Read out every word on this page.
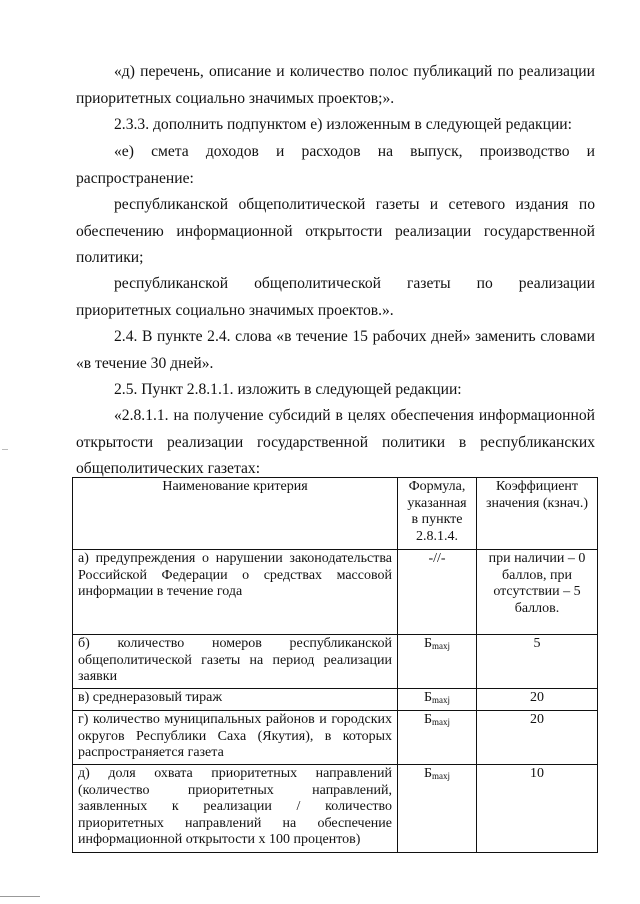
«д) перечень, описание и количество полос публикаций по реализации приоритетных социально значимых проектов;».

2.3.3. дополнить подпунктом е) изложенным в следующей редакции:

«е) смета доходов и расходов на выпуск, производство и распространение:

республиканской общеполитической газеты и сетевого издания по обеспечению информационной открытости реализации государственной политики;

республиканской общеполитической газеты по реализации приоритетных социально значимых проектов.».

2.4. В пункте 2.4. слова «в течение 15 рабочих дней» заменить словами «в течение 30 дней».

2.5. Пункт 2.8.1.1. изложить в следующей редакции:

«2.8.1.1. на получение субсидий в целях обеспечения информационной открытости реализации государственной политики в республиканских общеполитических газетах:

Наименование критерия	Формула, указанная в пункте 2.8.1.4.	Коэффициент значения (кзнач.)
а) предупреждения о нарушении законодательства Российской Федерации о средствах массовой информации в течение года	-//-	при наличии – 0 баллов, при отсутствии – 5 баллов.
б) количество номеров республиканской общеполитической газеты на период реализации заявки	$Б_{maxj}$	5
в) среднеразовый тираж	$Б_{maxj}$	20
г) количество муниципальных районов и городских округов Республики Саха (Якутия), в которых распространяется газета	$Б_{maxj}$	20
д) доля охвата приоритетных направлений (количество приоритетных направлений, заявленных к реализации / количество приоритетных направлений на обеспечение информационной открытости х 100 процентов)	$Б_{maxj}$	10
